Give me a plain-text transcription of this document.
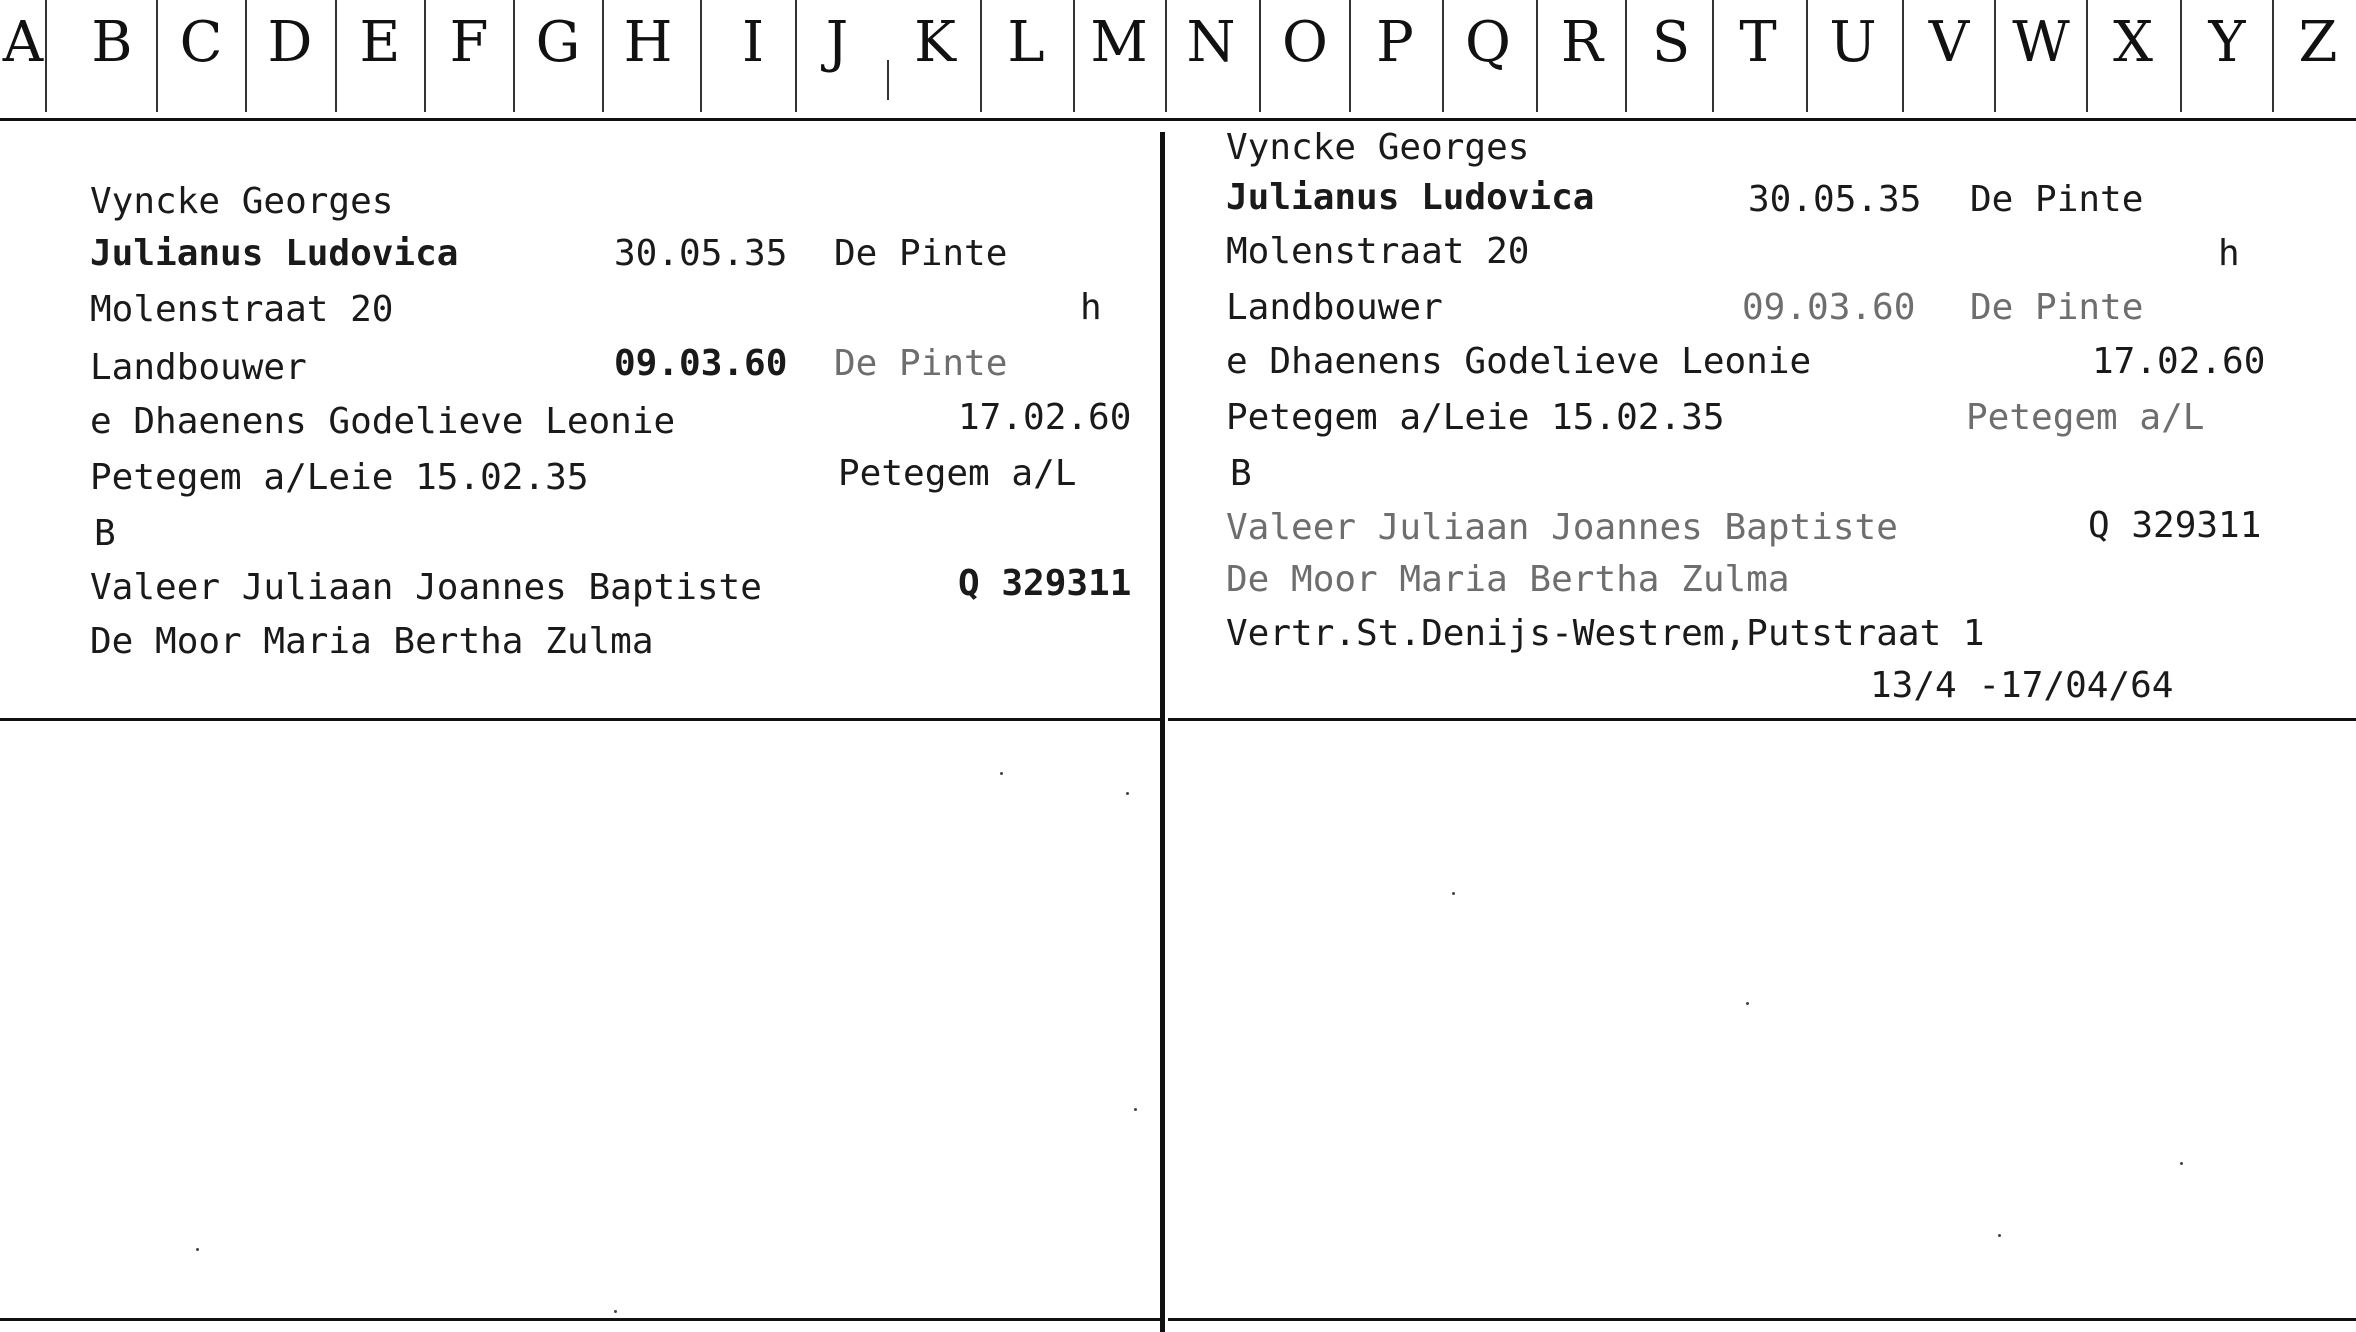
A B C D E F G H	I	J	K L M N O P Q R S T U V W X Y Z
Vyncke Georges
Julianus Ludovica	30.05.35 De Pinte
Molenstraat 20	h
Landbouwer	09.03.60 De Pinte
e Dhaenens Godelieve Leonie	17.02.60
Petegem a/Leie 15.02.35	Petegem a/L
B
Valeer Juliaan Joannes Baptiste	Q 329311
De Moor Maria Bertha Zulma
Vyncke Georges
Julianus Ludovica	30.05.35 De Pinte
Molenstraat 20	h
Landbouwer	09.03.60 De Pinte
e Dhaenens Godelieve Leonie	17.02.60
Petegem a/Leie 15.02.35	Petegem a/L
B
Valeer Juliaan Joannes Baptiste	Q 329311
De Moor Maria Bertha Zulma
Vertr.St.Denijs-Westrem,Putstraat 1
13/4 -17/04/64
